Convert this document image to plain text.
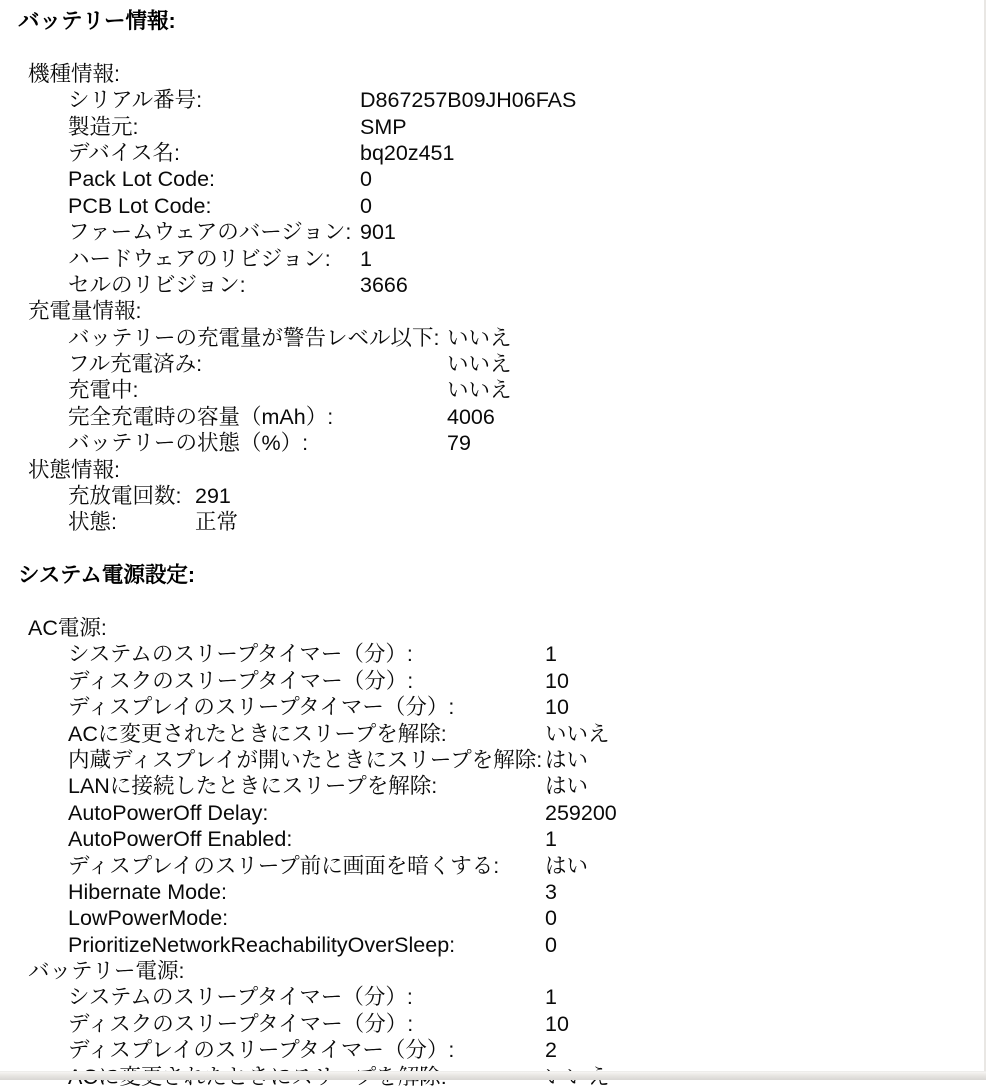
バッテリー情報:
機種情報:
シリアル番号:	D867257B09JH06FAS
製造元:	SMP
デバイス名:	bq20z451
Pack Lot Code:	0
PCB Lot Code:	0
ファームウェアのバージョン: 901
ハードウェアのリビジョン: 1
セルのリビジョン:	3666
充電量情報:
バッテリーの充電量が警告レベル以下: いいえ
フル充電済み:	いいえ
充電中:	いいえ
完全充電時の容量（mAh）:	4006
バッテリーの状態（%）:	79
状態情報:
充放電回数: 291
状態:	正常
システム電源設定:
AC電源:
システムのスリープタイマー（分）:	1
ディスクのスリープタイマー（分）:	10
ディスプレイのスリープタイマー（分）:	10
ACに変更されたときにスリープを解除:	いいえ
内蔵ディスプレイが開いたときにスリープを解除: はい
LANに接続したときにスリープを解除:	はい
AutoPowerOff Delay:	259200
AutoPowerOff Enabled:	1
ディスプレイのスリープ前に画面を暗くする: はい
Hibernate Mode:	3
LowPowerMode:	0
PrioritizeNetworkReachabilityOverSleep:	0
バッテリー電源:
システムのスリープタイマー（分）:	1
ディスクのスリープタイマー（分）:	10
ディスプレイのスリープタイマー（分）:	2
